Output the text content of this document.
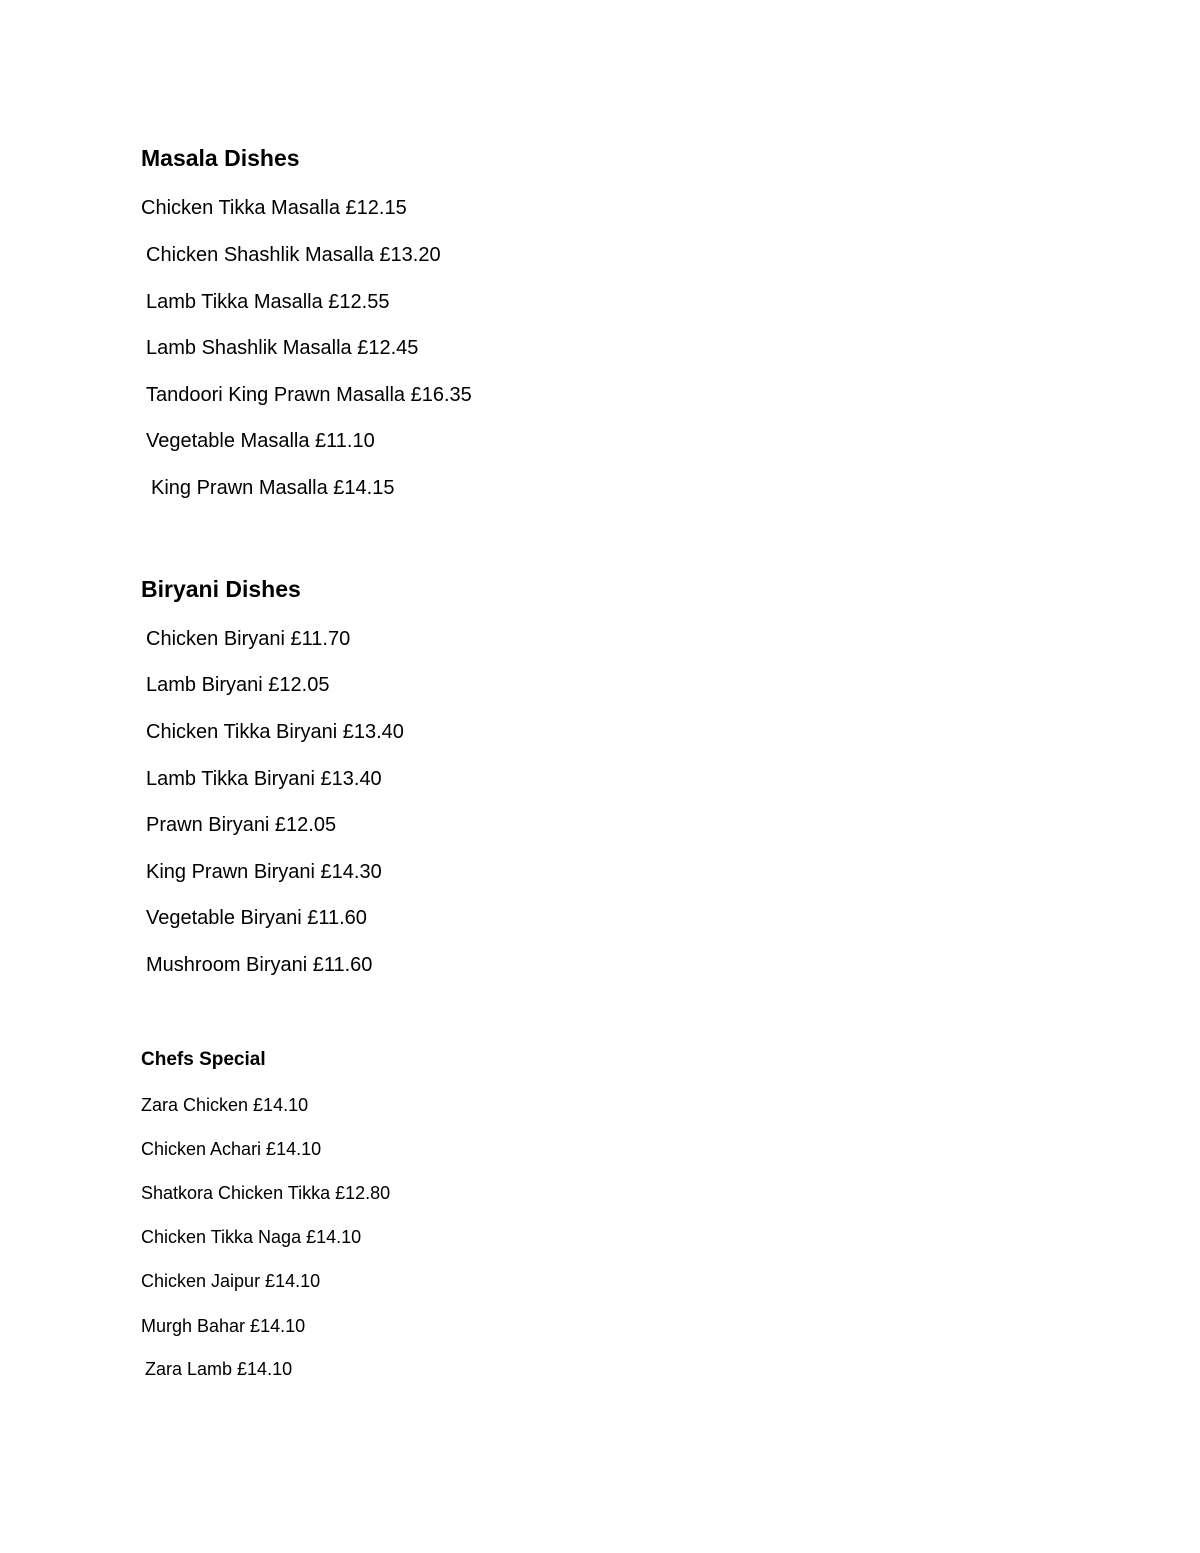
Masala Dishes
Chicken Tikka Masalla £12.15
Chicken Shashlik Masalla £13.20
Lamb Tikka Masalla £12.55
Lamb Shashlik Masalla £12.45
Tandoori King Prawn Masalla £16.35
Vegetable Masalla £11.10
King Prawn Masalla £14.15
Biryani Dishes
Chicken Biryani £11.70
Lamb Biryani £12.05
Chicken Tikka Biryani £13.40
Lamb Tikka Biryani £13.40
Prawn Biryani £12.05
King Prawn Biryani £14.30
Vegetable Biryani £11.60
Mushroom Biryani £11.60
Chefs Special
Zara Chicken £14.10
Chicken Achari £14.10
Shatkora Chicken Tikka £12.80
Chicken Tikka Naga £14.10
Chicken Jaipur £14.10
Murgh Bahar £14.10
Zara Lamb £14.10
